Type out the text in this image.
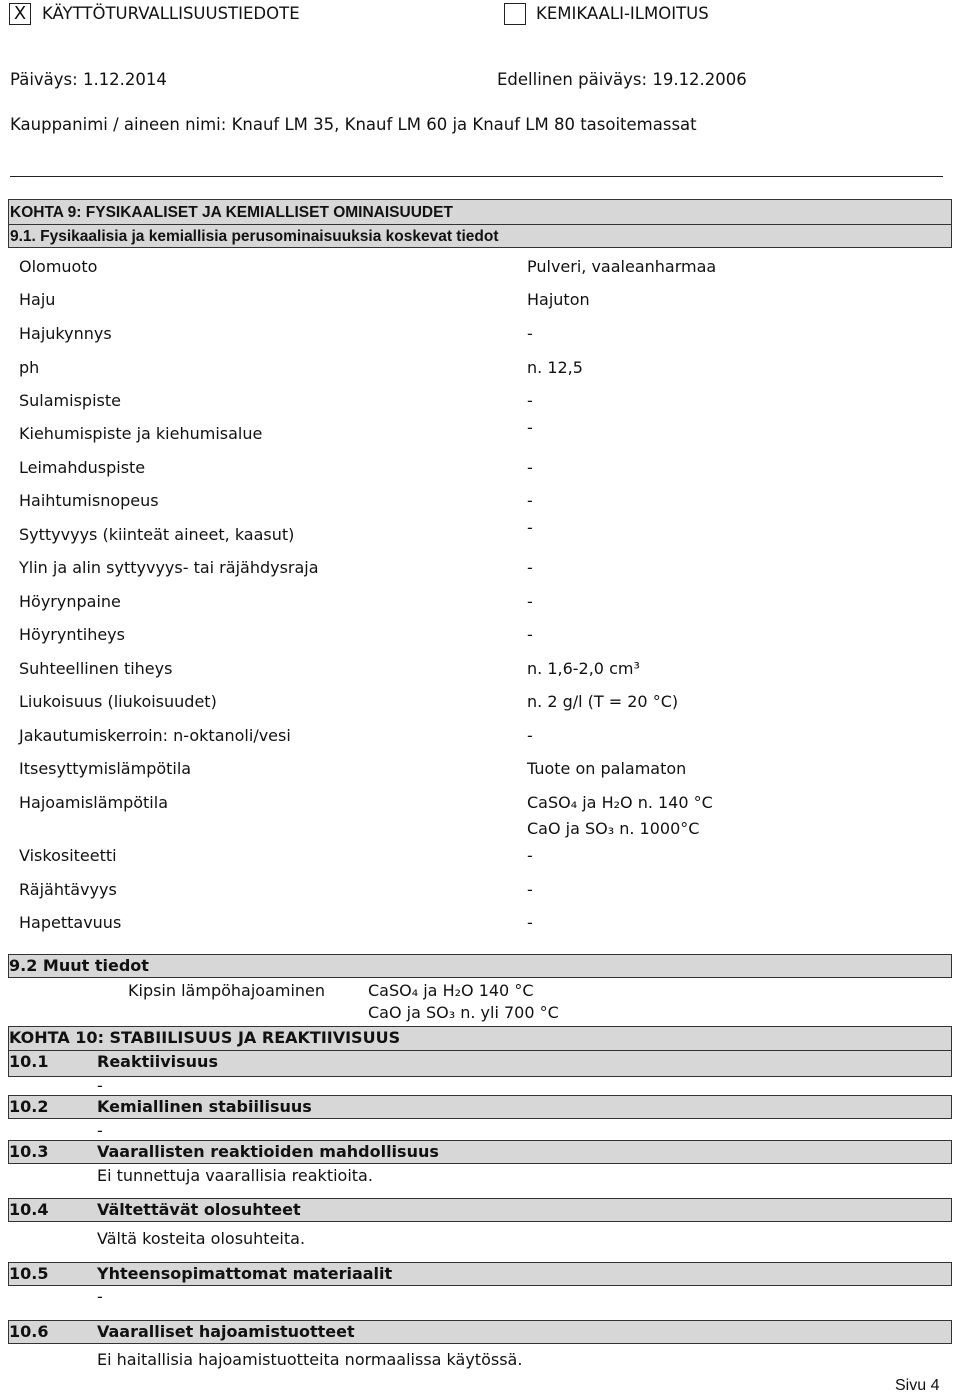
X KÄYTTÖTURVALLISUUSTIEDOTE	KEMIKAALI-ILMOITUS
Päiväys: 1.12.2014	Edellinen päiväys: 19.12.2006
Kauppanimi / aineen nimi: Knauf LM 35, Knauf LM 60 ja Knauf LM 80 tasoitemassat
KOHTA 9: FYSIKAALISET JA KEMIALLISET OMINAISUUDET
9.1. Fysikaalisia ja kemiallisia perusominaisuuksia koskevat tiedot
Olomuoto	Pulveri, vaaleanharmaa
Haju	Hajuton
Hajukynnys	-
ph	n. 12,5
Sulamispiste	-
Kiehumispiste ja kiehumisalue	-
Leimahduspiste	-
Haihtumisnopeus	-
Syttyvyys (kiinteät aineet, kaasut)	-
Ylin ja alin syttyvyys- tai räjähdysraja	-
Höyrynpaine	-
Höyryntiheys	-
Suhteellinen tiheys	n. 1,6-2,0 cm³
Liukoisuus (liukoisuudet)	n. 2 g/l (T = 20 °C)
Jakautumiskerroin: n-oktanoli/vesi	-
Itsesyttymislämpötila	Tuote on palamaton
Hajoamislämpötila	CaSO₄ ja H₂O n. 140 °C
CaO ja SO₃ n. 1000°C
Viskositeetti	-
Räjähtävyys	-
Hapettavuus	-
9.2 Muut tiedot
Kipsin lämpöhajoaminen	CaSO₄ ja H₂O 140 °C
CaO ja SO₃ n. yli 700 °C
KOHTA 10: STABIILISUUS JA REAKTIIVISUUS
10.1	Reaktiivisuus
-
10.2	Kemiallinen stabiilisuus
-
10.3	Vaarallisten reaktioiden mahdollisuus
Ei tunnettuja vaarallisia reaktioita.
10.4	Vältettävät olosuhteet
Vältä kosteita olosuhteita.
10.5	Yhteensopimattomat materiaalit
-
10.6	Vaaralliset hajoamistuotteet
Ei haitallisia hajoamistuotteita normaalissa käytössä.
Sivu 4
